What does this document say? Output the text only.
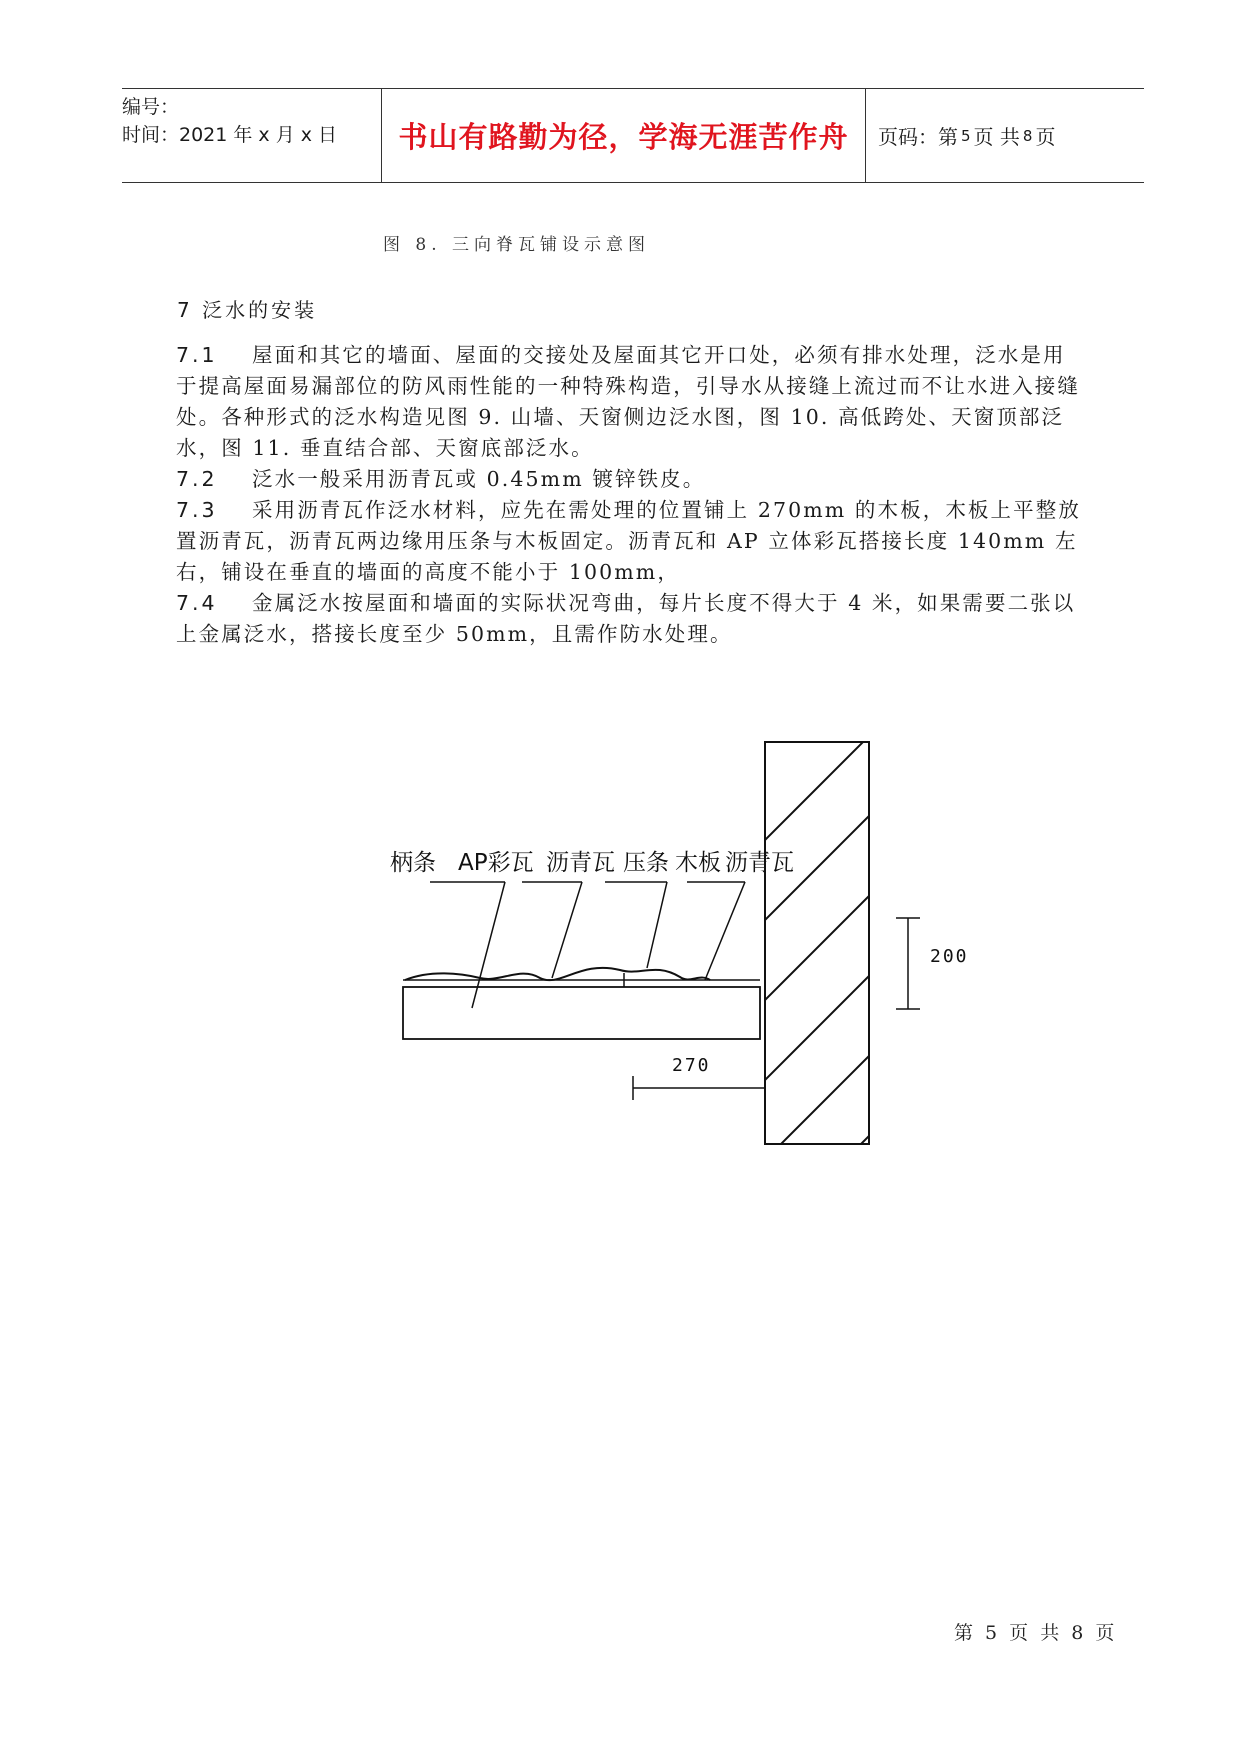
编号：
时间：2021 年 x 月 x 日	书山有路勤为径，学海无涯苦作舟	页码：第 5 页 共 8 页
图 8. 三向脊瓦铺设示意图
7 泛水的安装

7.1 屋面和其它的墙面、屋面的交接处及屋面其它开口处，必须有排水处理，泛水是用于提高屋面易漏部位的防风雨性能的一种特殊构造，引导水从接缝上流过而不让水进入接缝处。各种形式的泛水构造见图 9. 山墙、天窗侧边泛水图，图 10. 高低跨处、天窗顶部泛水，图 11. 垂直结合部、天窗底部泛水。

7.2 泛水一般采用沥青瓦或 0.45mm 镀锌铁皮。

7.3 采用沥青瓦作泛水材料，应先在需处理的位置铺上 270mm 的木板，木板上平整放置沥青瓦，沥青瓦两边缘用压条与木板固定。沥青瓦和 AP 立体彩瓦搭接长度 140mm 左右，铺设在垂直的墙面的高度不能小于 100mm，

7.4 金属泛水按屋面和墙面的实际状况弯曲，每片长度不得大于 4 米，如果需要二张以上金属泛水，搭接长度至少 50mm，且需作防水处理。

柄条 AP彩瓦 沥青瓦 压条 木板 沥青瓦
200
270
第 5 页 共 8 页
